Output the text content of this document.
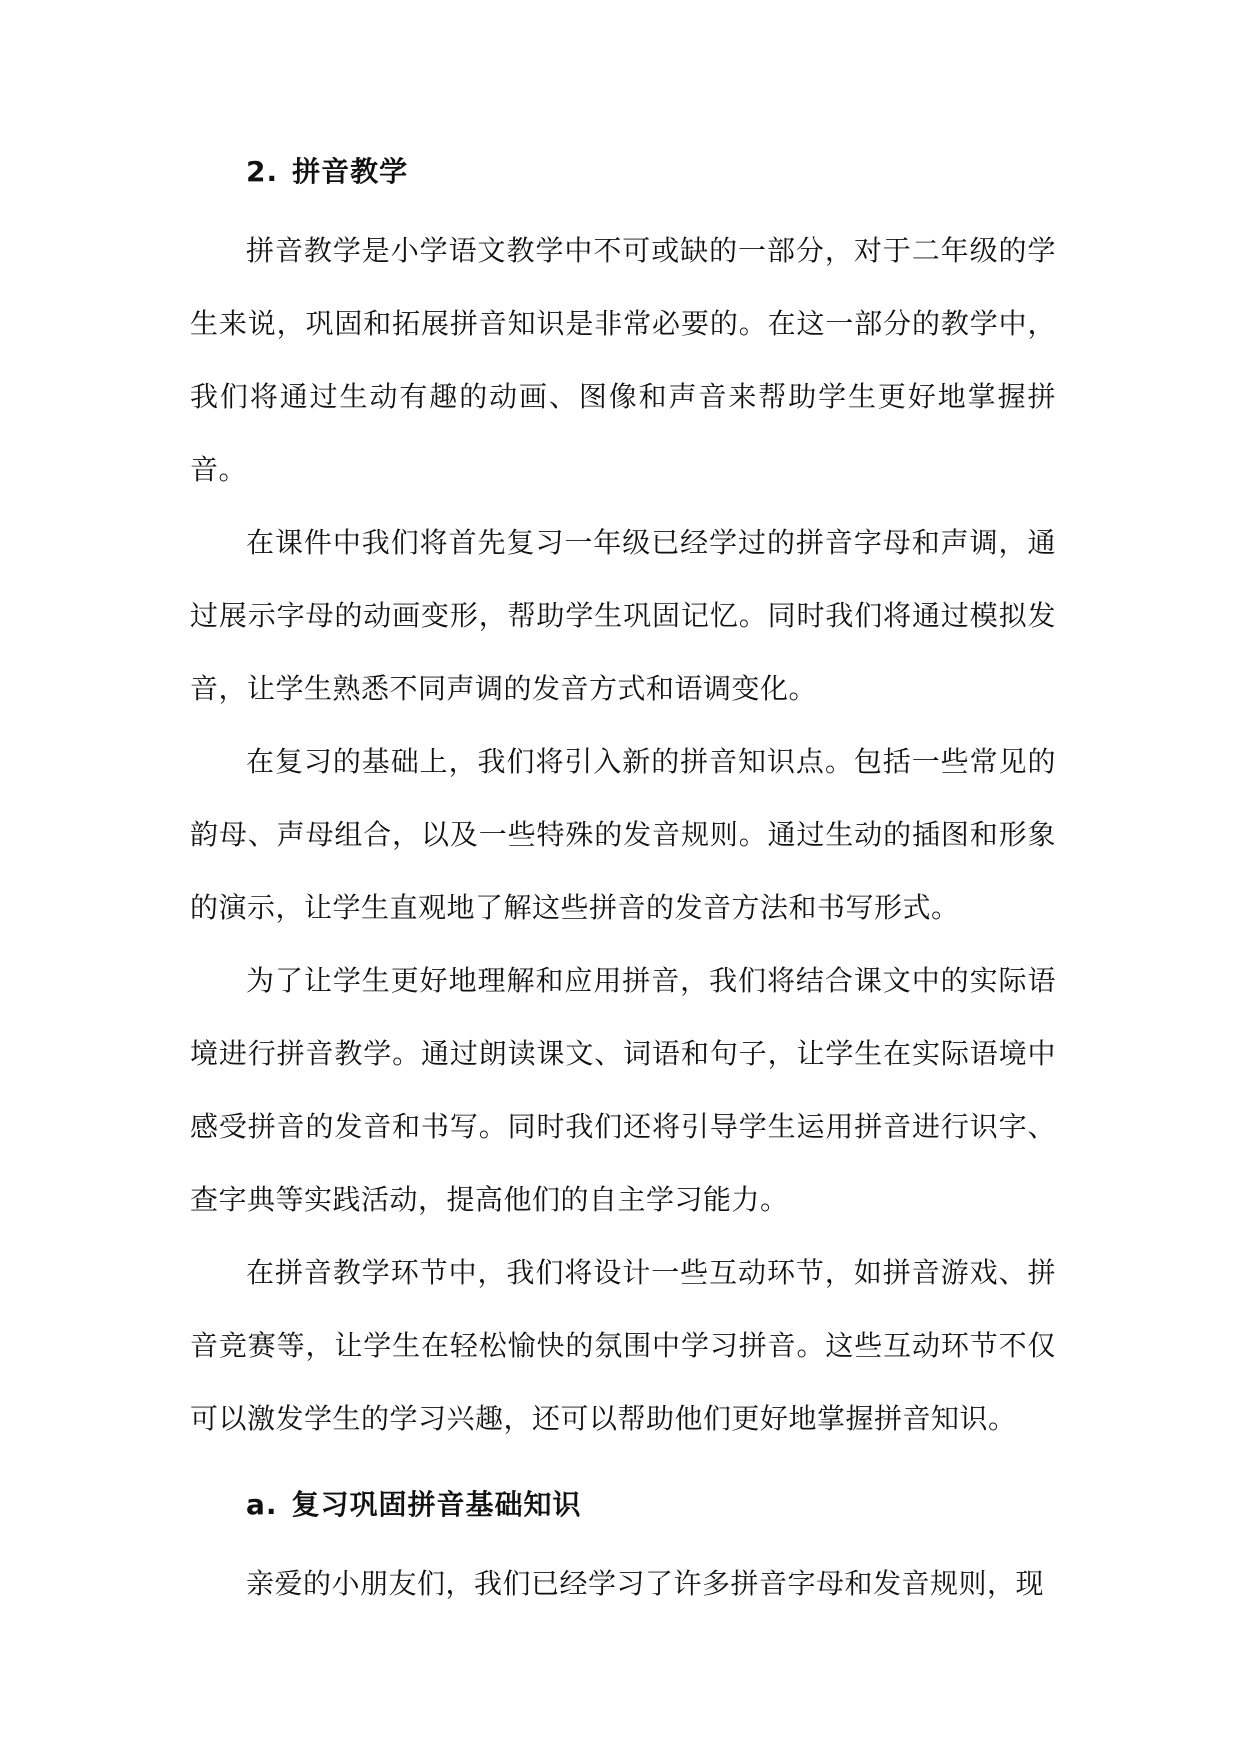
2. 拼音教学

拼音教学是小学语文教学中不可或缺的一部分，对于二年级的学生来说，巩固和拓展拼音知识是非常必要的。在这一部分的教学中，我们将通过生动有趣的动画、图像和声音来帮助学生更好地掌握拼音。

在课件中我们将首先复习一年级已经学过的拼音字母和声调，通过展示字母的动画变形，帮助学生巩固记忆。同时我们将通过模拟发音，让学生熟悉不同声调的发音方式和语调变化。

在复习的基础上，我们将引入新的拼音知识点。包括一些常见的韵母、声母组合，以及一些特殊的发音规则。通过生动的插图和形象的演示，让学生直观地了解这些拼音的发音方法和书写形式。

为了让学生更好地理解和应用拼音，我们将结合课文中的实际语境进行拼音教学。通过朗读课文、词语和句子，让学生在实际语境中感受拼音的发音和书写。同时我们还将引导学生运用拼音进行识字、查字典等实践活动，提高他们的自主学习能力。

在拼音教学环节中，我们将设计一些互动环节，如拼音游戏、拼音竞赛等，让学生在轻松愉快的氛围中学习拼音。这些互动环节不仅可以激发学生的学习兴趣，还可以帮助他们更好地掌握拼音知识。

a. 复习巩固拼音基础知识

亲爱的小朋友们，我们已经学习了许多拼音字母和发音规则，现
